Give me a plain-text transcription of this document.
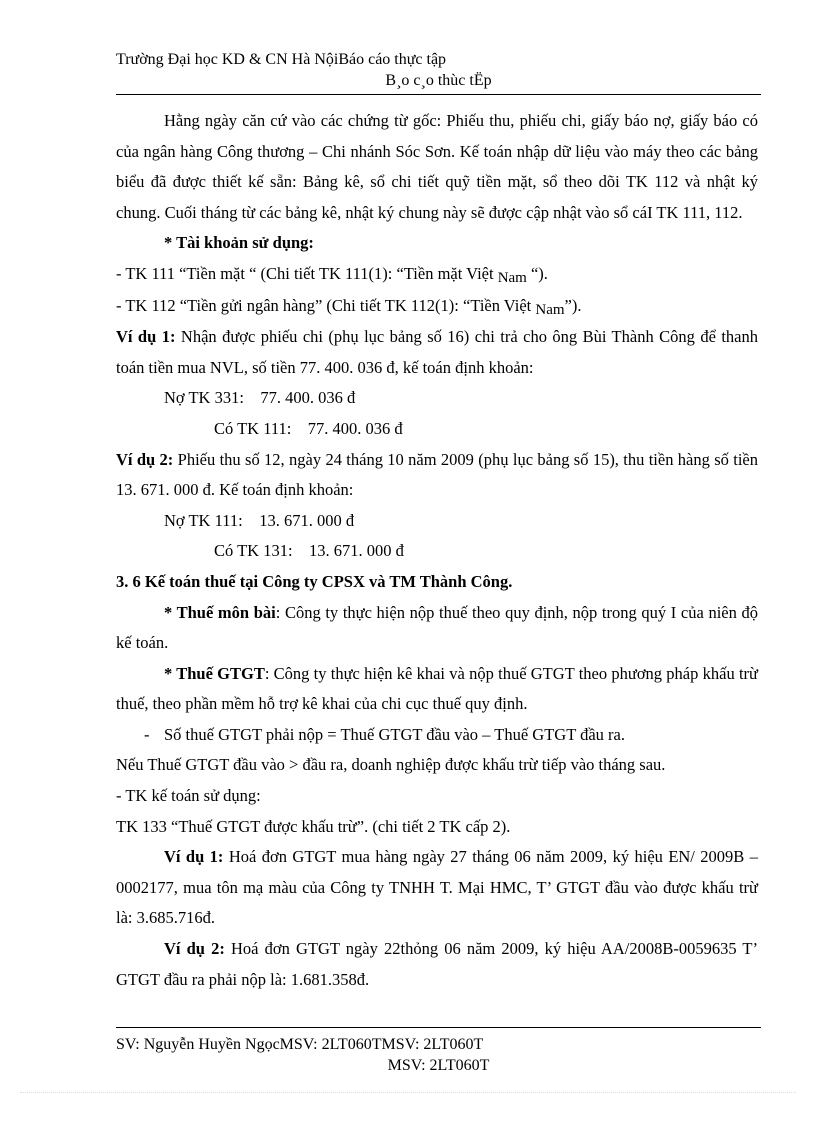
Trường Đại học KD & CN Hà NộiBáo cáo thực tập
B¸o c¸o thùc tËp

Hằng ngày căn cứ vào các chứng từ gốc: Phiếu thu, phiếu chi, giấy báo nợ, giấy báo có của ngân hàng Công thương – Chi nhánh Sóc Sơn. Kế toán nhập dữ liệu vào máy theo các bảng biểu đã được thiết kế sẵn: Bảng kê, sổ chi tiết quỹ tiền mặt, sổ theo dõi TK 112 và nhật ký chung. Cuối tháng từ các bảng kê, nhật ký chung này sẽ được cập nhật vào sổ cáI TK 111, 112.

* Tài khoản sử dụng:

- TK 111 “Tiền mặt “ (Chi tiết TK 111(1): “Tiền mặt Việt Nam “).

- TK 112 “Tiền gửi ngân hàng” (Chi tiết TK 112(1): “Tiền Việt Nam”).

Ví dụ 1: Nhận được phiếu chi (phụ lục bảng số 16) chi trả cho ông Bùi Thành Công để thanh toán tiền mua NVL, số tiền 77. 400. 036 đ, kế toán định khoản:

Nợ TK 331:    77. 400. 036 đ

Có TK 111:    77. 400. 036 đ

Ví dụ 2: Phiếu thu số 12, ngày 24 tháng 10 năm 2009 (phụ lục bảng số 15), thu tiền hàng số tiền 13. 671. 000 đ. Kế toán định khoản:

Nợ TK 111:    13. 671. 000 đ

Có TK 131:    13. 671. 000 đ

3. 6 Kế toán thuế tại Công ty CPSX và TM Thành Công.

* Thuế môn bài: Công ty thực hiện nộp thuế theo quy định, nộp trong quý I của niên độ kế toán.

* Thuế GTGT: Công ty thực hiện kê khai và nộp thuế GTGT theo phương pháp khấu trừ thuế, theo phần mềm hỗ trợ kê khai của chi cục thuế quy định.

- Số thuế GTGT phải nộp = Thuế GTGT đầu vào – Thuế GTGT đầu ra.

Nếu Thuế GTGT đầu vào > đầu ra, doanh nghiệp được khấu trừ tiếp vào tháng sau.

- TK kế toán sử dụng:

TK 133 “Thuế GTGT được khấu trừ”. (chi tiết 2 TK cấp 2).

Ví dụ 1: Hoá đơn GTGT mua hàng ngày 27 tháng 06 năm 2009, ký hiệu EN/ 2009B – 0002177, mua tôn mạ màu của Công ty TNHH T. Mại HMC, T’ GTGT đầu vào được khấu trừ là: 3.685.716đ.

Ví dụ 2: Hoá đơn GTGT ngày 22thỏng 06 năm 2009, ký hiệu AA/2008B-0059635 T’ GTGT đầu ra phải nộp là: 1.681.358đ.

SV: Nguyễn Huyền NgọcMSV: 2LT060TMSV: 2LT060T
MSV: 2LT060T
